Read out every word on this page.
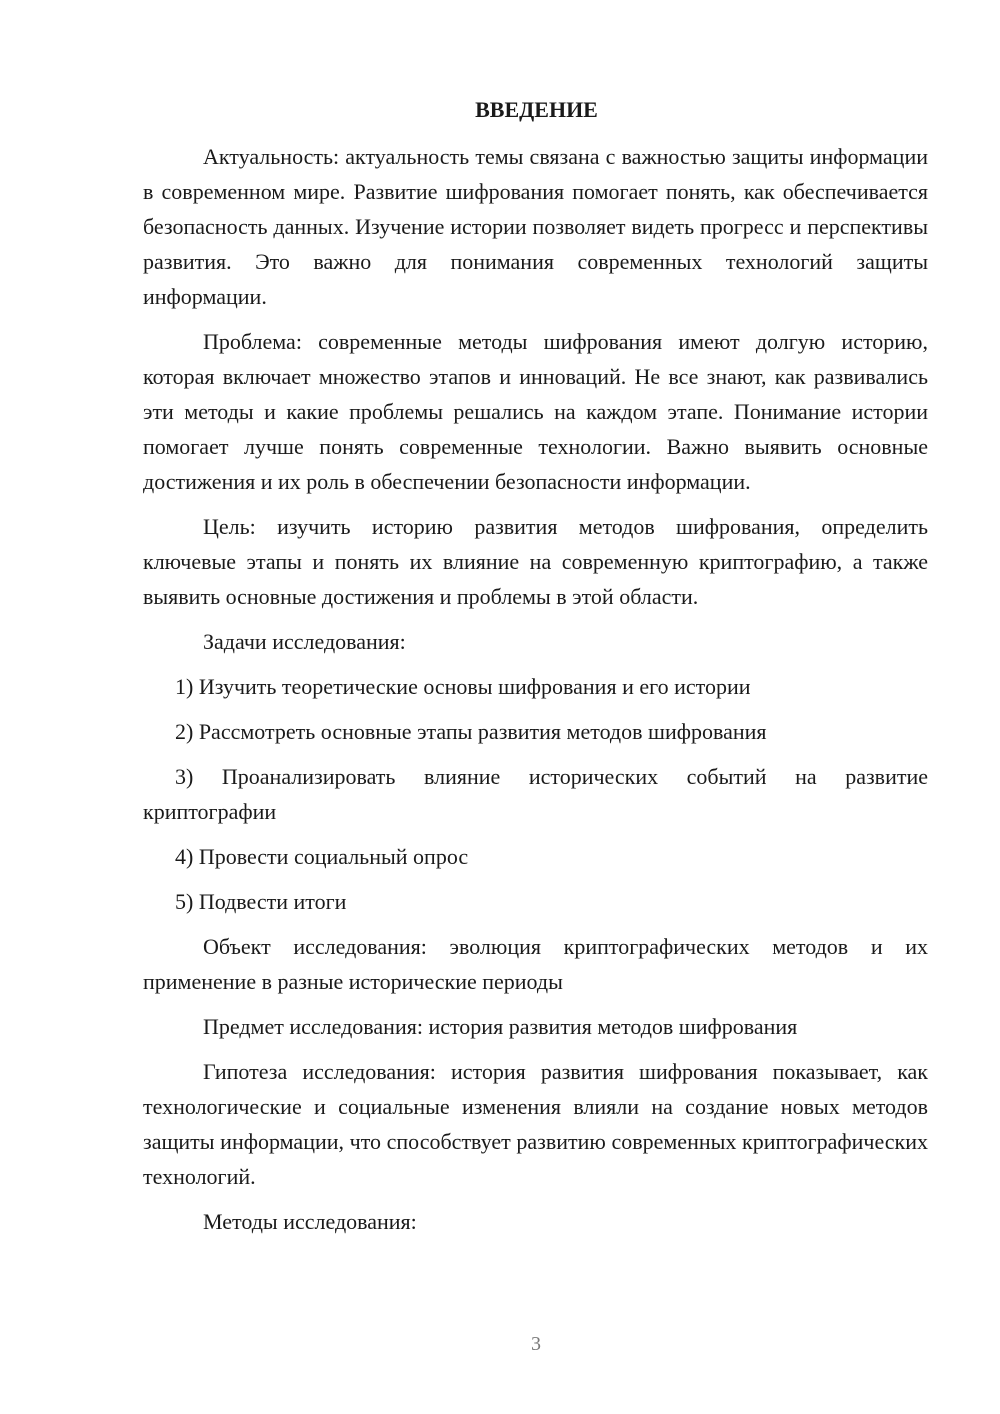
ВВЕДЕНИЕ

Актуальность: актуальность темы связана с важностью защиты информации в современном мире. Развитие шифрования помогает понять, как обеспечивается безопасность данных. Изучение истории позволяет видеть прогресс и перспективы развития. Это важно для понимания современных технологий защиты информации.

Проблема: современные методы шифрования имеют долгую историю, которая включает множество этапов и инноваций. Не все знают, как развивались эти методы и какие проблемы решались на каждом этапе. Понимание истории помогает лучше понять современные технологии. Важно выявить основные достижения и их роль в обеспечении безопасности информации.

Цель: изучить историю развития методов шифрования, определить ключевые этапы и понять их влияние на современную криптографию, а также выявить основные достижения и проблемы в этой области.

Задачи исследования:

1) Изучить теоретические основы шифрования и его истории

2) Рассмотреть основные этапы развития методов шифрования

3) Проанализировать влияние исторических событий на развитие криптографии

4) Провести социальный опрос

5) Подвести итоги

Объект исследования: эволюция криптографических методов и их применение в разные исторические периоды

Предмет исследования: история развития методов шифрования

Гипотеза исследования: история развития шифрования показывает, как технологические и социальные изменения влияли на создание новых методов защиты информации, что способствует развитию современных криптографических технологий.

Методы исследования:

3
